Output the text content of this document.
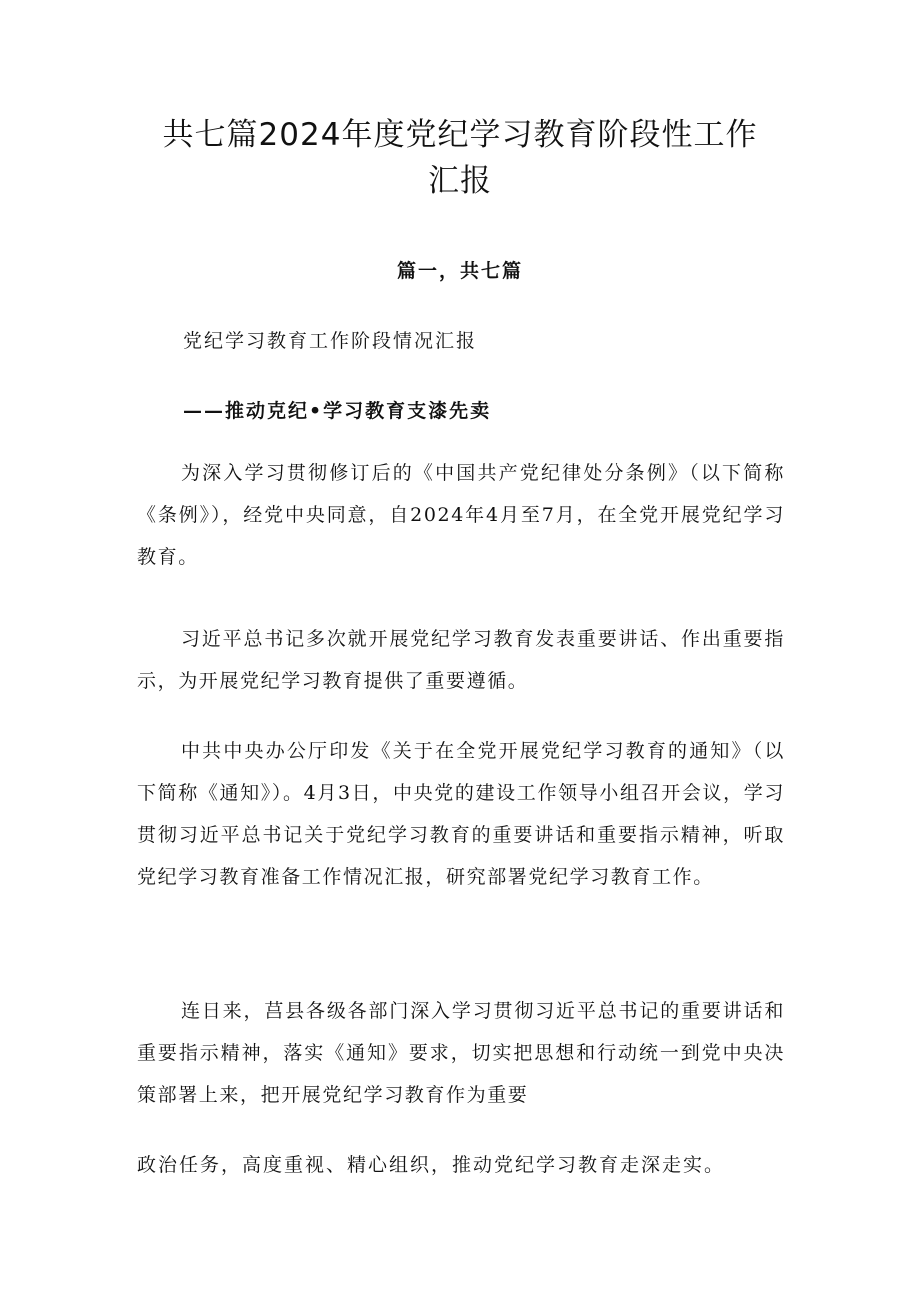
共七篇2024年度党纪学习教育阶段性工作
汇报
篇一，共七篇
党纪学习教育工作阶段情况汇报
——推动克纪•学习教育支漆先卖
为深入学习贯彻修订后的《中国共产党纪律处分条例》（以下简称《条例》），经党中央同意，自2024年4月至7月，在全党开展党纪学习教育。
习近平总书记多次就开展党纪学习教育发表重要讲话、作出重要指示，为开展党纪学习教育提供了重要遵循。
中共中央办公厅印发《关于在全党开展党纪学习教育的通知》（以下简称《通知》）。4月3日，中央党的建设工作领导小组召开会议，学习贯彻习近平总书记关于党纪学习教育的重要讲话和重要指示精神，听取党纪学习教育准备工作情况汇报，研究部署党纪学习教育工作。
连日来，莒县各级各部门深入学习贯彻习近平总书记的重要讲话和重要指示精神，落实《通知》要求，切实把思想和行动统一到党中央决策部署上来，把开展党纪学习教育作为重要
政治任务，高度重视、精心组织，推动党纪学习教育走深走实。
